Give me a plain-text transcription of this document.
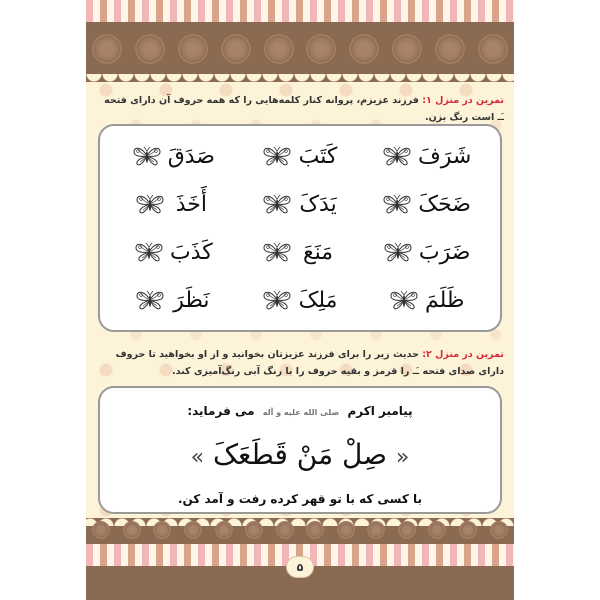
تمرین در منزل ۱: فرزند عزیزم، پروانه کنار کلمه‌هایی را که همه حروف آن دارای فتحه ـَـ است رنگ بزن.
شَرَفَ
کَتَبَ
صَدَقَ
ضَحَکَ
یَدَکَ
أَخَذَ
ضَرَبَ
مَنَعَ
کَذَبَ
ظَلَمَ
مَلِکَ
نَظَرَ
تمرین در منزل ۲: حدیث زیر را برای فرزند عزیزتان بخوانید و از او بخواهید تا حروف دارای صدای فتحه ـَـ را قرمز و بقیه حروف را با رنگ آبی رنگ‌آمیزی کند.
پیامبر اکرم صلی الله علیه و آله می فرماید:
« صِلْ مَنْ قَطَعَکَ »
با کسی که با تو قهر کرده رفت و آمد کن.
۵
